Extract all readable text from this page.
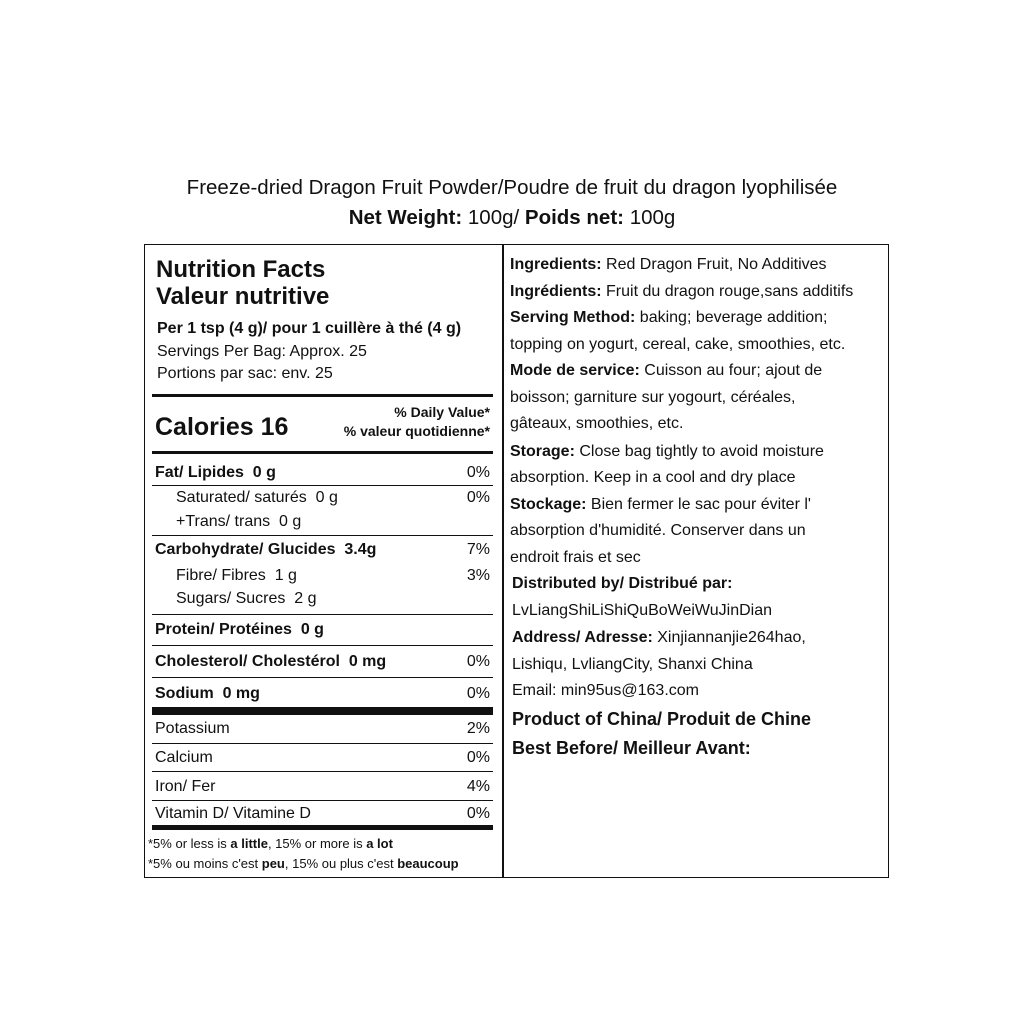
Freeze-dried Dragon Fruit Powder/Poudre de fruit du dragon lyophilisée
Net Weight: 100g/ Poids net: 100g
Nutrition Facts
Valeur nutritive
Per 1 tsp (4 g)/ pour 1 cuillère à thé (4 g)
Servings Per Bag: Approx. 25
Portions par sac: env. 25
Calories 16
% Daily Value*
% valeur quotidienne*
Fat/ Lipides 0 g	0%
Saturated/ saturés 0 g	0%
+Trans/ trans 0 g
Carbohydrate/ Glucides 3.4g	7%
Fibre/ Fibres 1 g	3%
Sugars/ Sucres 2 g
Protein/ Protéines 0 g
Cholesterol/ Cholestérol 0 mg	0%
Sodium 0 mg	0%
Potassium	2%
Calcium	0%
Iron/ Fer	4%
Vitamin D/ Vitamine D	0%
*5% or less is a little, 15% or more is a lot
*5% ou moins c'est peu, 15% ou plus c'est beaucoup
Ingredients: Red Dragon Fruit, No Additives
Ingrédients: Fruit du dragon rouge,sans additifs
Serving Method: baking; beverage addition;
topping on yogurt, cereal, cake, smoothies, etc.
Mode de service: Cuisson au four; ajout de
boisson; garniture sur yogourt, céréales,
gâteaux, smoothies, etc.
Storage: Close bag tightly to avoid moisture
absorption. Keep in a cool and dry place
Stockage: Bien fermer le sac pour éviter l'
absorption d'humidité. Conserver dans un
endroit frais et sec
Distributed by/ Distribué par:
LvLiangShiLiShiQuBoWeiWuJinDian
Address/ Adresse: Xinjiannanjie264hao,
Lishiqu, LvliangCity, Shanxi China
Email: min95us@163.com
Product of China/ Produit de Chine
Best Before/ Meilleur Avant:
